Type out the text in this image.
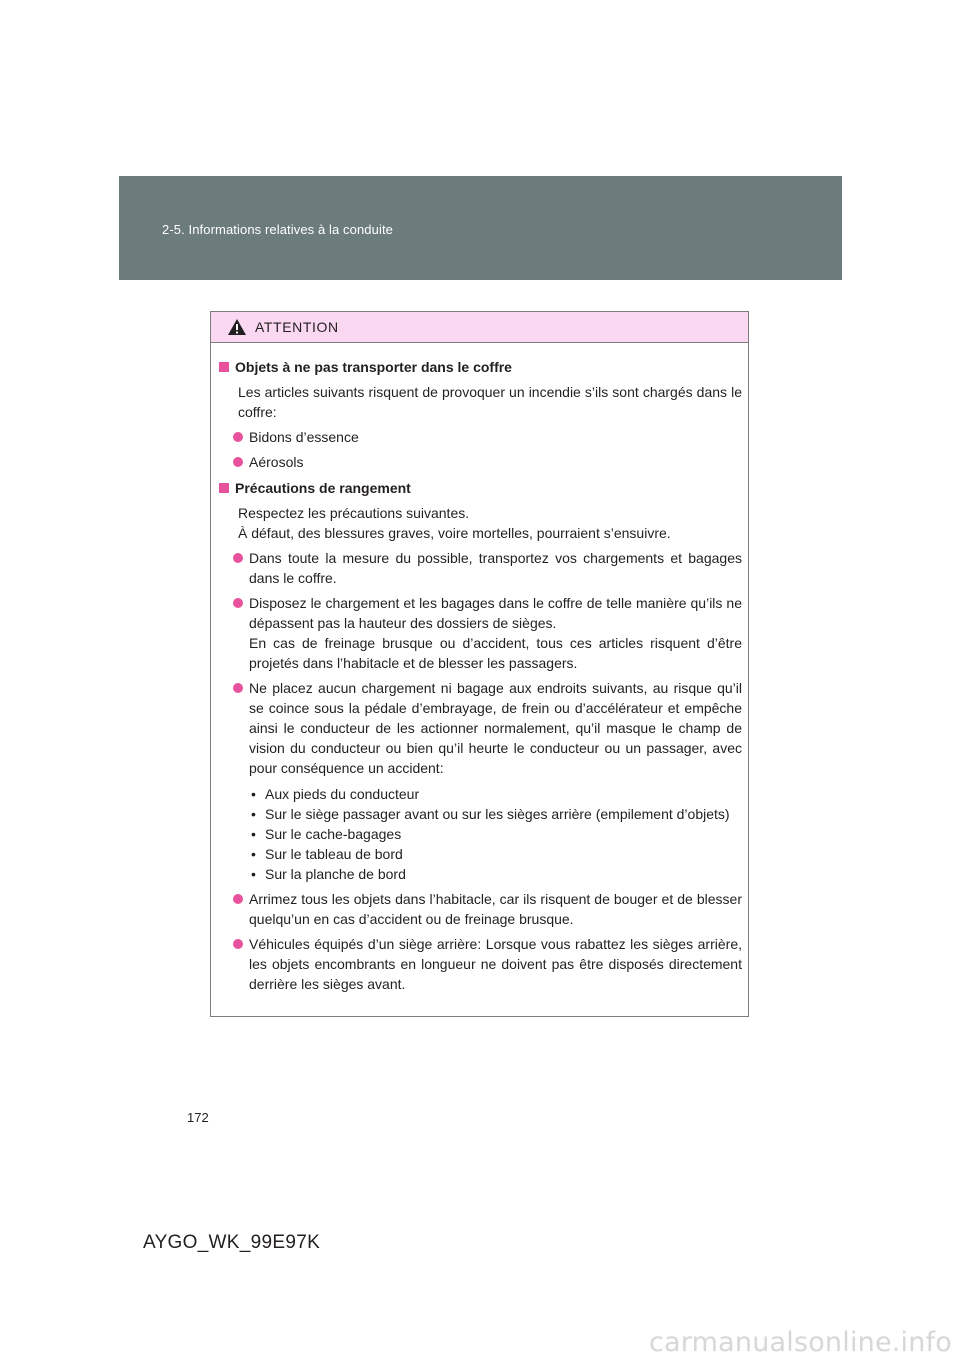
2-5. Informations relatives à la conduite
ATTENTION
Objets à ne pas transporter dans le coffre
Les articles suivants risquent de provoquer un incendie s’ils sont chargés dans le coffre:
Bidons d’essence
Aérosols
Précautions de rangement
Respectez les précautions suivantes.
À défaut, des blessures graves, voire mortelles, pourraient s’ensuivre.
Dans toute la mesure du possible, transportez vos chargements et bagages dans le coffre.
Disposez le chargement et les bagages dans le coffre de telle manière qu’ils ne dépassent pas la hauteur des dossiers de sièges.
En cas de freinage brusque ou d’accident, tous ces articles risquent d’être projetés dans l’habitacle et de blesser les passagers.
Ne placez aucun chargement ni bagage aux endroits suivants, au risque qu’il se coince sous la pédale d’embrayage, de frein ou d’accélérateur et empêche ainsi le conducteur de les actionner normalement, qu’il masque le champ de vision du conducteur ou bien qu’il heurte le conducteur ou un passager, avec pour conséquence un accident:
• Aux pieds du conducteur
• Sur le siège passager avant ou sur les sièges arrière (empilement d’objets)
• Sur le cache-bagages
• Sur le tableau de bord
• Sur la planche de bord
Arrimez tous les objets dans l’habitacle, car ils risquent de bouger et de blesser quelqu’un en cas d’accident ou de freinage brusque.
Véhicules équipés d’un siège arrière: Lorsque vous rabattez les sièges arrière, les objets encombrants en longueur ne doivent pas être disposés directement derrière les sièges avant.
172
AYGO_WK_99E97K
carmanualsonline.info
